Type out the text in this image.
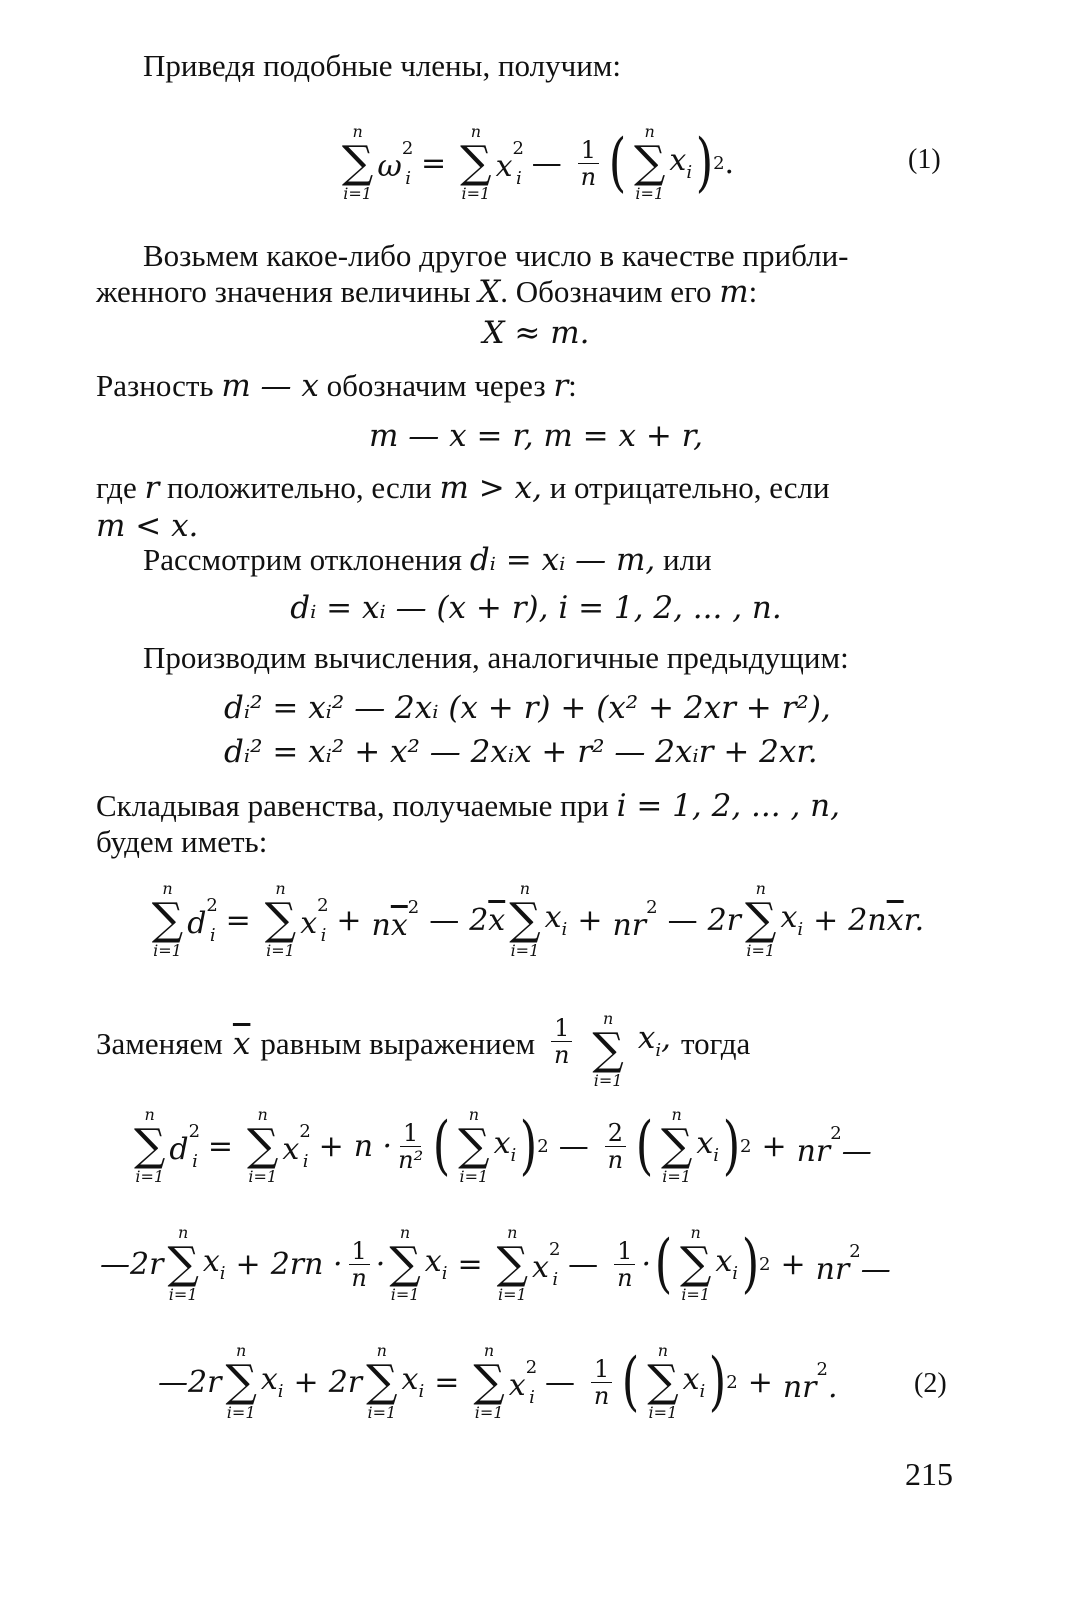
Приведя подобные члены, получим:
n
∑
i=1
$\omega^2_i$ =
n
∑
i=1
$x^2_i$ — $\frac{1}{n}$ ( n
∑
i=1
$x_i$ ) 2 .	(1)
Возьмем какое-либо другое число в качестве прибли-
женного значения величины X. Обозначим его m:
X ≈ m.
Разность m — x обозначим через r:
m — x = r, m = x + r,
где r положительно, если m > x, и отрицательно, если
m < x.
Рассмотрим отклонения dᵢ = xᵢ — m, или
dᵢ = xᵢ — (x + r), i = 1, 2, ... , n.
Производим вычисления, аналогичные предыдущим:
dᵢ² = xᵢ² — 2xᵢ (x + r) + (x² + 2xr + r²),
dᵢ² = xᵢ² + x² — 2xᵢx + r² — 2xᵢr + 2xr.
Складывая равенства, получаемые при i = 1, 2, ... , n,
будем иметь:
n
∑
i=1
$d^2_i$ =
n
∑
i=1
$x^2_i + n\overline{x}^2$ — $2\overline{x}$
n
∑
i=1
$x_i + nr^2$ — 2r
n
∑
i=1
$x_i + 2n\overline{x}r$.
Заменяем $\overline{x}$ равным выражением $\frac{1}{n}$ n
∑
i=1
$x_i$, тогда
n
∑
i=1
$d^2_i$ =
n
∑
i=1
$x^2_i + n \cdot \frac{1}{\text{n²}}$ ( n
∑
i=1
$x_i$ ) 2 — $\frac{2}{n}$ ( n
∑
i=1
$x_i$ ) $2 + nr^2—$
—2r
n
∑
i=1
$x_i + 2rn \cdot \frac{1}{n}$ ·
n
∑
i=1
$x_i$ =
n
∑
i=1
$x^2_i$ — $\frac{1}{n}$ · ( n
∑
i=1
$x_i$ ) $2 + nr^2—$
—2r
n
∑
i=1
$x_i + 2r$
n
∑
i=1
$x_i$ =
n
∑
i=1
$x^2_i$ — $\frac{1}{n}$ ( n
∑
i=1
$x_i$ ) $2 + nr^2$.	(2)
215
